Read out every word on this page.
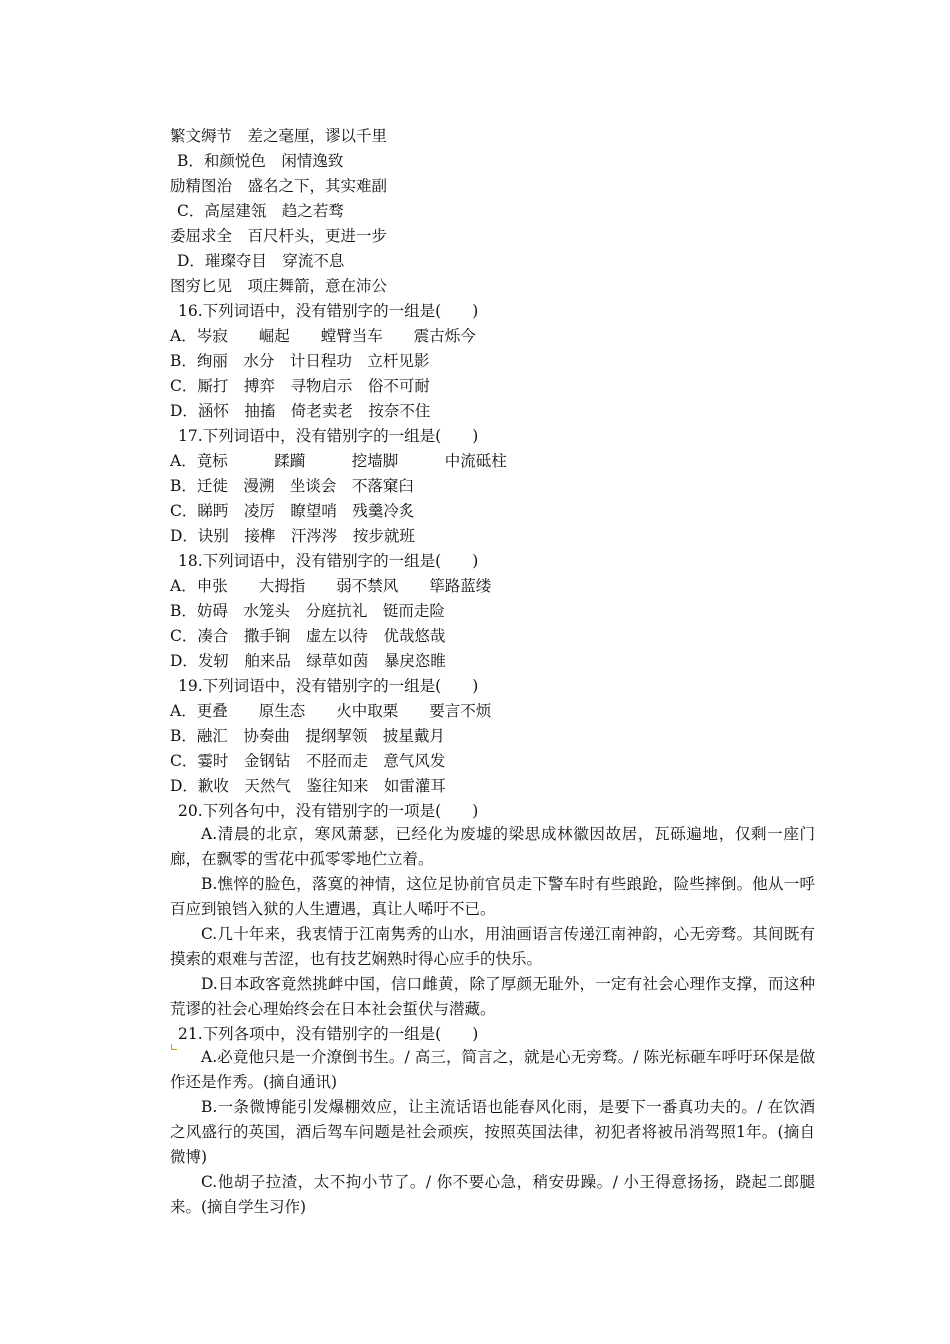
繁文缛节　差之毫厘，谬以千里
B．和颜悦色　闲情逸致
励精图治　盛名之下，其实难副
C．高屋建瓴　趋之若骛
委屈求全　百尺杆头，更进一步
D．璀璨夺目　穿流不息
图穷匕见　项庄舞箭，意在沛公
16.下列词语中，没有错别字的一组是(　　)
A．岑寂　　崛起　　螳臂当车　　震古烁今
B．绚丽　水分　计日程功　立杆见影
C．厮打　搏弈　寻物启示　俗不可耐
D．涵怀　抽搐　倚老卖老　按奈不住
17.下列词语中，没有错别字的一组是(　　)
A．竟标　　　蹂躏　　　挖墙脚　　　中流砥柱
B．迁徙　漫溯　坐谈会　不落窠臼
C．睇眄　凌厉　瞭望哨　残羹冷炙
D．诀别　接榫　汗涔涔　按步就班
18.下列词语中，没有错别字的一组是(　　)
A．申张　　大拇指　　弱不禁风　　筚路蓝缕
B．妨碍　水笼头　分庭抗礼　铤而走险
C．凑合　撒手锏　虚左以待　优哉悠哉
D．发轫　舶来品　绿草如茵　暴戾恣睢
19.下列词语中，没有错别字的一组是(　　)
A．更叠　　原生态　　火中取栗　　要言不烦
B．融汇　协奏曲　提纲挈领　披星戴月
C．霎时　金钢钻　不胫而走　意气风发
D．歉收　天然气　鉴往知来　如雷灌耳
20.下列各句中，没有错别字的一项是(　　)
A.清晨的北京，寒风萧瑟，已经化为废墟的梁思成林徽因故居，瓦砾遍地，仅剩一座门廊，在飘零的雪花中孤零零地伫立着。
B.憔悴的脸色，落寞的神情，这位足协前官员走下警车时有些踉跄，险些摔倒。他从一呼百应到锒铛入狱的人生遭遇，真让人唏吁不已。
C.几十年来，我衷情于江南隽秀的山水，用油画语言传递江南神韵，心无旁骛。其间既有摸索的艰难与苦涩，也有技艺娴熟时得心应手的快乐。
D.日本政客竟然挑衅中国，信口雌黄，除了厚颜无耻外，一定有社会心理作支撑，而这种荒谬的社会心理始终会在日本社会蜇伏与潜藏。
21.下列各项中，没有错别字的一组是(　　)
A.必竟他只是一介潦倒书生。/ 高三，简言之，就是心无旁骛。/ 陈光标砸车呼吁环保是做作还是作秀。(摘自通讯)
B.一条微博能引发爆棚效应，让主流话语也能春风化雨，是要下一番真功夫的。/ 在饮酒之风盛行的英国，酒后驾车问题是社会顽疾，按照英国法律，初犯者将被吊消驾照1年。(摘自微博)
C.他胡子拉渣，太不拘小节了。/ 你不要心急，稍安毋躁。/ 小王得意扬扬，跷起二郎腿来。(摘自学生习作)
